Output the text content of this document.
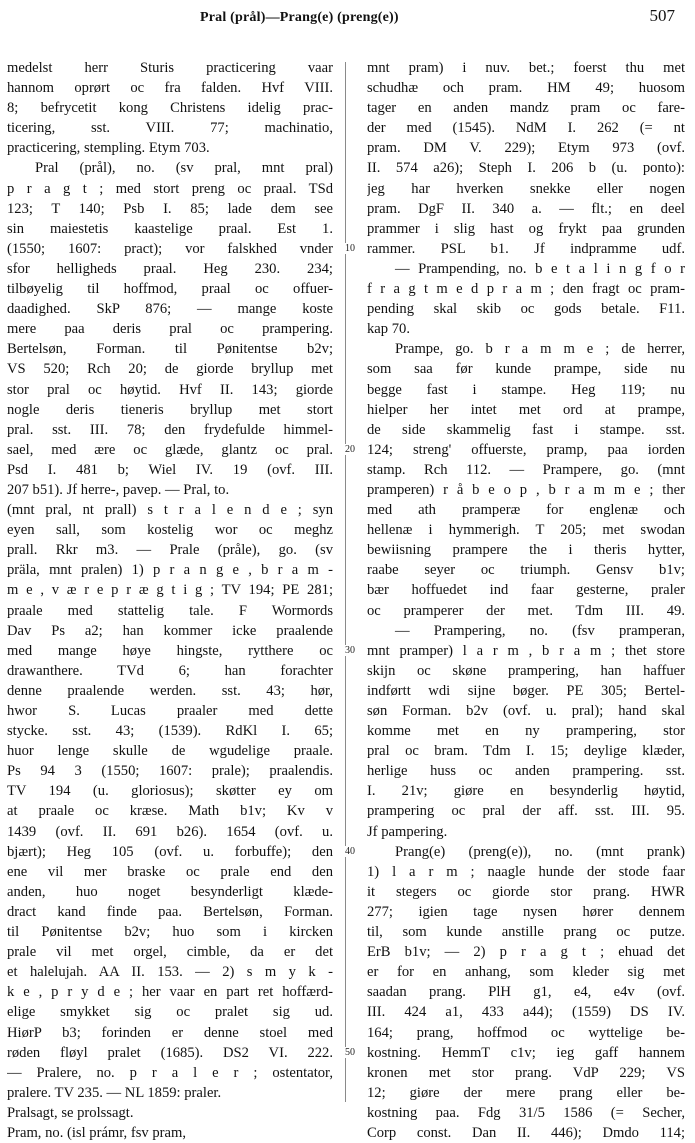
Pral (prål)—Prang(e) (preng(e))	507
medelst herr Sturis practicering vaar
hannom oprørt oc fra falden. Hvf VIII.
8; befrycetit kong Christens idelig prac-
ticering, sst. VIII. 77; machinatio,
practicering, stempling. Etym 703.
Pral (prål), no. (sv pral, mnt pral)
p r a g t ; med stort preng oc praal. TSd
123; T 140; Psb I. 85; lade dem see
sin maiestetis kaastelige praal. Est 1.
(1550; 1607: pract); vor falskhed vnder
sfor helligheds praal. Heg 230. 234;
tilbøyelig til hoffmod, praal oc offuer-
daadighed. SkP 876; — mange koste
mere paa deris pral oc prampering.
Bertelsøn, Forman. til Pønitentse b2v;
VS 520; Rch 20; de giorde bryllup met
stor pral oc høytid. Hvf II. 143; giorde
nogle deris tieneris bryllup met stort
pral. sst. III. 78; den frydefulde himmel-
sael, med ære oc glæde, glantz oc pral.
Psd I. 481 b; Wiel IV. 19 (ovf. III.
207 b51). Jf herre-, pavep. — Pral, to.
(mnt pral, nt prall) s t r a l e n d e ; syn
eyen sall, som kostelig wor oc meghz
prall. Rkr m3. — Prale (pråle), go. (sv
präla, mnt pralen) 1) p r a n g e , b r a m -
m e , v æ r e p r æ g t i g ; TV 194; PE 281;
praale med stattelig tale. F Wormords
Dav Ps a2; han kommer icke praalende
med mange høye hingste, rytthere oc
drawanthere. TVd 6; han forachter
denne praalende werden. sst. 43; hør,
hwor S. Lucas praaler med dette
stycke. sst. 43; (1539). RdKl I. 65;
huor lenge skulle de wgudelige praale.
Ps 94 3 (1550; 1607: prale); praalendis.
TV 194 (u. gloriosus); skøtter ey om
at praale oc kræse. Math b1v; Kv v
1439 (ovf. II. 691 b26). 1654 (ovf. u.
bjært); Heg 105 (ovf. u. forbuffe); den
ene vil mer braske oc prale end den
anden, huo noget besynderligt klæde-
dract kand finde paa. Bertelsøn, Forman.
til Pønitentse b2v; huo som i kircken
prale vil met orgel, cimble, da er det
et halelujah. AA II. 153. — 2) s m y k -
k e , p r y d e ; her vaar en part ret hoffærd-
elige smykket sig oc pralet sig ud.
HiørP b3; forinden er denne stoel med
røden fløyl pralet (1685). DS2 VI. 222.
— Pralere, no. p r a l e r ; ostentator,
pralere. TV 235. — NL 1859: praler.
Pralsagt, se prolssagt.
Pram, no. (isl prámr, fsv pram,
10
20
30
40
50
mnt pram) i nuv. bet.; foerst thu met
schudhæ och pram. HM 49; huosom
tager en anden mandz pram oc fare-
der med (1545). NdM I. 262 (= nt
pram. DM V. 229); Etym 973 (ovf.
II. 574 a26); Steph I. 206 b (u. ponto):
jeg har hverken snekke eller nogen
pram. DgF II. 340 a. — flt.; en deel
prammer i slig hast og frykt paa grunden
rammer. PSL b1. Jf indpramme udf.
— Prampending, no. b e t a l i n g f o r
f r a g t m e d p r a m ; den fragt oc pram-
pending skal skib oc gods betale. F11.
kap 70.
Prampe, go. b r a m m e ; de herrer,
som saa før kunde prampe, side nu
begge fast i stampe. Heg 119; nu
hielper her intet met ord at prampe,
de side skammelig fast i stampe. sst.
124; streng' offuerste, pramp, paa iorden
stamp. Rch 112. — Prampere, go. (mnt
pramperen) r å b e o p , b r a m m e ; ther
med ath pramperæ for englenæ och
hellenæ i hymmerigh. T 205; met swodan
bewiisning prampere the i theris hytter,
raabe seyer oc triumph. Gensv b1v;
bær hoffuedet ind faar gesterne, praler
oc pramperer der met. Tdm III. 49.
— Prampering, no. (fsv pramperan,
mnt pramper) l a r m , b r a m ; thet store
skijn oc skøne prampering, han haffuer
indførtt wdi sijne bøger. PE 305; Bertel-
søn Forman. b2v (ovf. u. pral); hand skal
komme met en ny prampering, stor
pral oc bram. Tdm I. 15; deylige klæder,
herlige huss oc anden prampering. sst.
I. 21v; giøre en besynderlig høytid,
prampering oc pral der aff. sst. III. 95.
Jf pampering.
Prang(e) (preng(e)), no. (mnt prank)
1) l a r m ; naagle hunde der stode faar
it stegers oc giorde stor prang. HWR
277; igien tage nysen hører dennem
til, som kunde anstille prang oc putze.
ErB b1v; — 2) p r a g t ; ehuad det
er for en anhang, som kleder sig met
saadan prang. PlH g1, e4, e4v (ovf.
III. 424 a1, 433 a44); (1559) DS IV.
164; prang, hoffmod oc wyttelige be-
kostning. HemmT c1v; ieg gaff hannem
kronen met stor prang. VdP 229; VS
12; giøre der mere prang eller be-
kostning paa. Fdg 31/5 1586 (= Secher,
Corp const. Dan II. 446); Dmdo 114;
